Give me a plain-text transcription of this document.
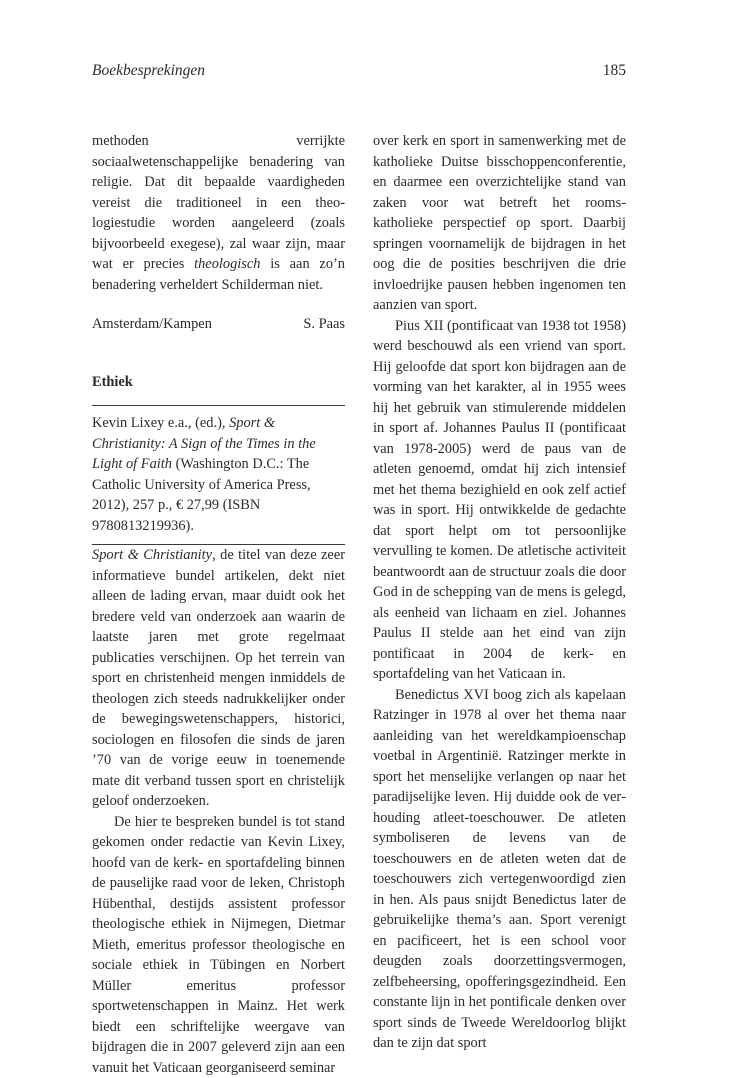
Boekbesprekingen	185

methoden verrijkte sociaalwetenschappelijke benadering van religie. Dat dit bepaalde vaardigheden vereist die traditioneel in een theologiestudie worden aangeleerd (zoals bijvoorbeeld exegese), zal waar zijn, maar wat er precies theologisch is aan zo’n benadering verheldert Schilderman niet.

Amsterdam/Kampen	S. Paas
Ethiek

Kevin Lixey e.a., (ed.), Sport & Christianity: A Sign of the Times in the Light of Faith (Washington D.C.: The Catholic University of America Press, 2012), 257 p., € 27,99 (ISBN 9780813219936).

Sport & Christianity, de titel van deze zeer informatieve bundel artikelen, dekt niet alleen de lading ervan, maar duidt ook het bredere veld van onderzoek aan waarin de laatste jaren met grote regelmaat publicaties verschijnen. Op het terrein van sport en christenheid mengen inmiddels de theologen zich steeds nadrukkelijker onder de bewegingswetenschappers, historici, sociologen en filosofen die sinds de jaren ’70 van de vorige eeuw in toenemende mate dit verband tussen sport en christelijk geloof onderzoeken.

De hier te bespreken bundel is tot stand gekomen onder redactie van Kevin Lixey, hoofd van de kerk- en sportafdeling binnen de pauselijke raad voor de leken, Christoph Hübenthal, destijds assistent professor theologische ethiek in Nijmegen, Dietmar Mieth, emeritus professor theologische en sociale ethiek in Tübingen en Norbert Müller emeritus professor sportwetenschappen in Mainz. Het werk biedt een schriftelijke weergave van bijdragen die in 2007 geleverd zijn aan een vanuit het Vaticaan georganiseerd seminar

over kerk en sport in samenwerking met de katholieke Duitse bisschoppenconferentie, en daarmee een overzichtelijke stand van zaken voor wat betreft het rooms-katholieke perspectief op sport. Daarbij springen voornamelijk de bijdragen in het oog die de posities beschrijven die drie invloedrijke pausen hebben ingenomen ten aanzien van sport.

Pius XII (pontificaat van 1938 tot 1958) werd beschouwd als een vriend van sport. Hij geloofde dat sport kon bijdragen aan de vorming van het karakter, al in 1955 wees hij het gebruik van stimulerende middelen in sport af. Johannes Paulus II (pontificaat van 1978-2005) werd de paus van de atleten genoemd, omdat hij zich intensief met het thema bezighield en ook zelf actief was in sport. Hij ontwikkelde de gedachte dat sport helpt om tot persoonlijke vervulling te komen. De atletische activiteit beantwoordt aan de structuur zoals die door God in de schepping van de mens is gelegd, als eenheid van lichaam en ziel. Johannes Paulus II stelde aan het eind van zijn pontificaat in 2004 de kerk- en sportafdeling van het Vaticaan in.

Benedictus XVI boog zich als kapelaan Ratzinger in 1978 al over het thema naar aanleiding van het wereldkampioenschap voetbal in Argentinië. Ratzinger merkte in sport het menselijke verlangen op naar het paradijselijke leven. Hij duidde ook de verhouding atleet-toeschouwer. De atleten symboliseren de levens van de toeschouwers en de atleten weten dat de toeschouwers zich vertegenwoordigd zien in hen. Als paus snijdt Benedictus later de gebruikelijke thema’s aan. Sport verenigt en pacificeert, het is een school voor deugden zoals doorzettingsvermogen, zelfbeheersing, opofferingsgezindheid. Een constante lijn in het pontificale denken over sport sinds de Tweede Wereldoorlog blijkt dan te zijn dat sport
